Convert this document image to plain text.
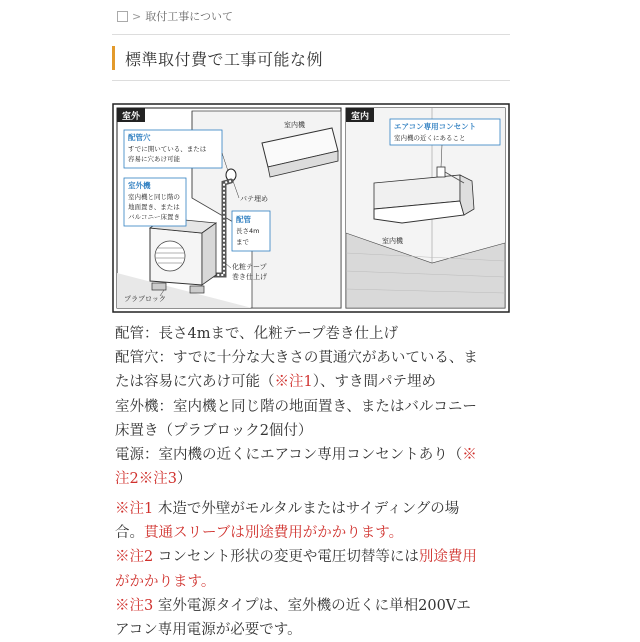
> 取付工事について
標準取付費で工事可能な例
室内機
室外
配管穴
すでに開いている、または
容易に穴あけ可能
室外機
室内機と同じ階の
地面置き、または
バルコニー床置き
パテ埋め
配管
長さ4m
まで
化粧テープ
巻き仕上げ
プラブロック
室内
エアコン専用コンセント
室内機の近くにあること
室内機

配管：長さ4mまで、化粧テープ巻き仕上げ

配管穴：すでに十分な大きさの貫通穴があいている、ま

たは容易に穴あけ可能（※注1）、すき間パテ埋め

室外機：室内機と同じ階の地面置き、またはバルコニー

床置き（プラブロック2個付）

電源：室内機の近くにエアコン専用コンセントあり（※

注2※注3）

※注1 木造で外壁がモルタルまたはサイディングの場

合。貫通スリーブは別途費用がかかります。

※注2 コンセント形状の変更や電圧切替等には別途費用

がかかります。

※注3 室外電源タイプは、室外機の近くに単相200Vエ

アコン専用電源が必要です。
